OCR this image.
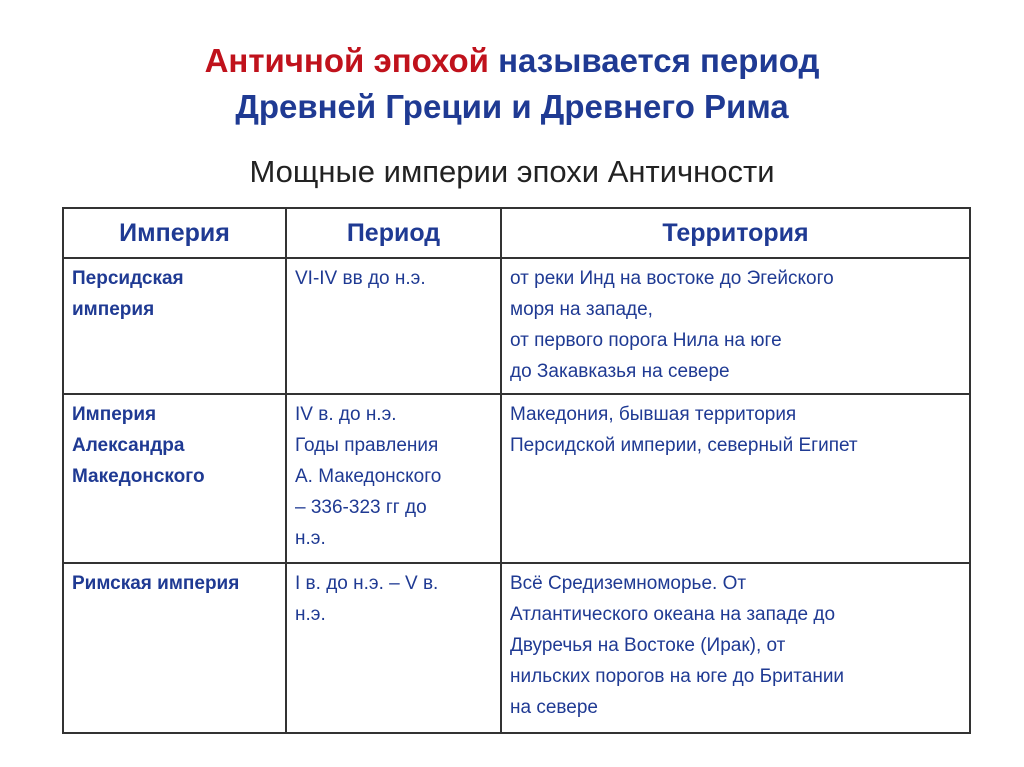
Античной эпохой называется период
Древней Греции и Древнего Рима
Мощные империи эпохи Античности
Империя	Период	Территория

Персидская
империя	VI-IV вв до н.э.	от реки Инд на востоке до Эгейского
моря на западе,
от первого порога Нила на юге
до Закавказья на севере

Империя
Александра
Македонского	IV в. до н.э.
Годы правления
А. Македонского
– 336-323 гг до
н.э.	Македония, бывшая территория
Персидской империи, северный Египет

Римская империя	I в. до н.э. – V в.
н.э.	Всё Средиземноморье. От
Атлантического океана на западе до
Двуречья на Востоке (Ирак), от
нильских порогов на юге до Британии
на севере
